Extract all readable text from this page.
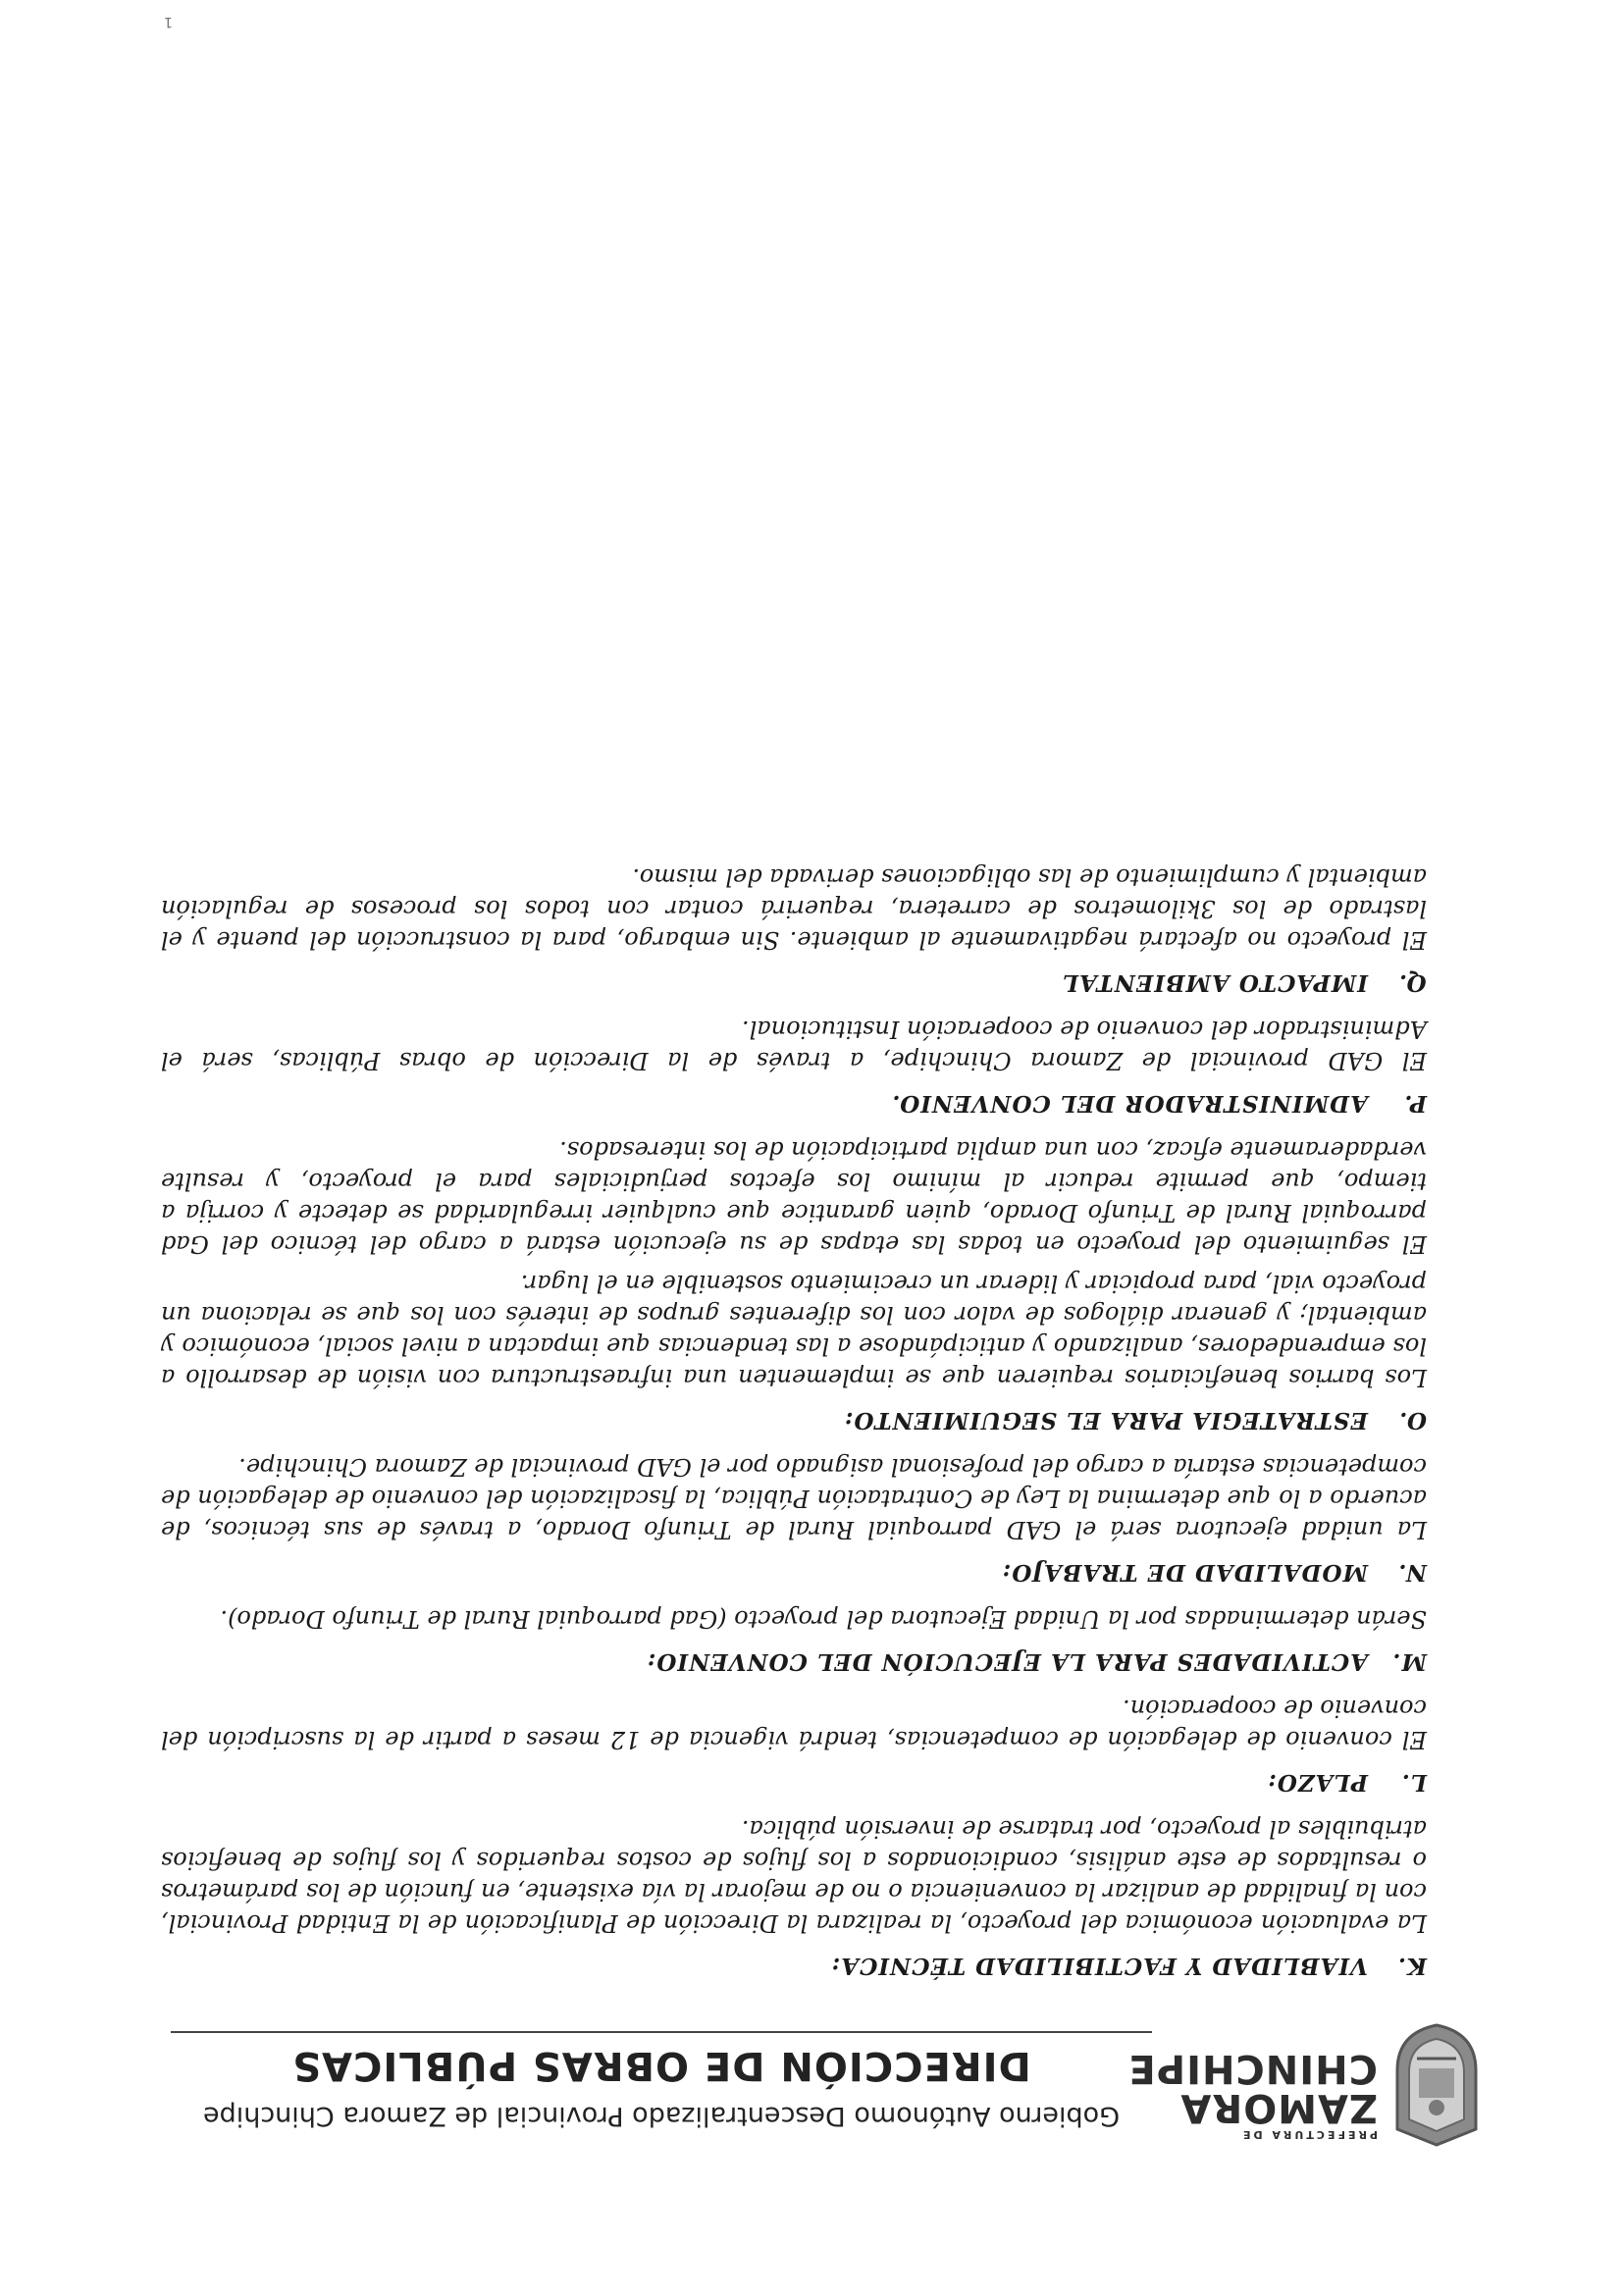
PREFECTURA DE
ZAMORA
CHINCHIPE
Gobierno Autónomo Descentralizado Provincial de Zamora Chinchipe
DIRECCIÓN DE OBRAS PÚBLICAS
K.VIABLIDAD Y FACTIBILIDAD TÉCNICA:

La evaluación económica del proyecto, la realizara la Dirección de Planificación de la Entidad Provincial, con la finalidad de analizar la conveniencia o no de mejorar la vía existente, en función de los parámetros o resultados de este análisis, condicionados a los flujos de costos requeridos y los flujos de beneficios atribuibles al proyecto, por tratarse de inversión pública.

L.PLAZO:

El convenio de delegación de competencias, tendrá vigencia de 12 meses a partir de la suscripción del convenio de cooperación.

M.ACTIVIDADES PARA LA EJECUCIÓN DEL CONVENIO:

Serán determinadas por la Unidad Ejecutora del proyecto (Gad parroquial Rural de Triunfo Dorado).

N.MODALIDAD DE TRABAJO:

La unidad ejecutora será el GAD parroquial Rural de Triunfo Dorado, a través de sus técnicos, de acuerdo a lo que determina la Ley de Contratación Pública, la fiscalización del convenio de delegación de competencias estaría a cargo del profesional asignado por el GAD provincial de Zamora Chinchipe.

O.ESTRATEGIA PARA EL SEGUIMIENTO:

Los barrios beneficiarios requieren que se implementen una infraestructura con visión de desarrollo a los emprendedores, analizando y anticipándose a las tendencias que impactan a nivel social, económico y ambiental; y generar diálogos de valor con los diferentes grupos de interés con los que se relaciona un proyecto vial, para propiciar y liderar un crecimiento sostenible en el lugar.

El seguimiento del proyecto en todas las etapas de su ejecución estará a cargo del técnico del Gad parroquial Rural de Triunfo Dorado, quien garantice que cualquier irregularidad se detecte y corrija a tiempo, que permite reducir al mínimo los efectos perjudiciales para el proyecto, y resulte verdaderamente eficaz, con una amplia participación de los interesados.

P.ADMINISTRADOR DEL CONVENIO.

El GAD provincial de Zamora Chinchipe, a través de la Dirección de obras Públicas, será el Administrador del convenio de cooperación Institucional.

Q.IMPACTO AMBIENTAL

El proyecto no afectará negativamente al ambiente. Sin embargo, para la construcción del puente y el lastrado de los 3kilometros de carretera, requerirá contar con todos los procesos de regulación ambiental y cumplimiento de las obligaciones derivada del mismo.

1
